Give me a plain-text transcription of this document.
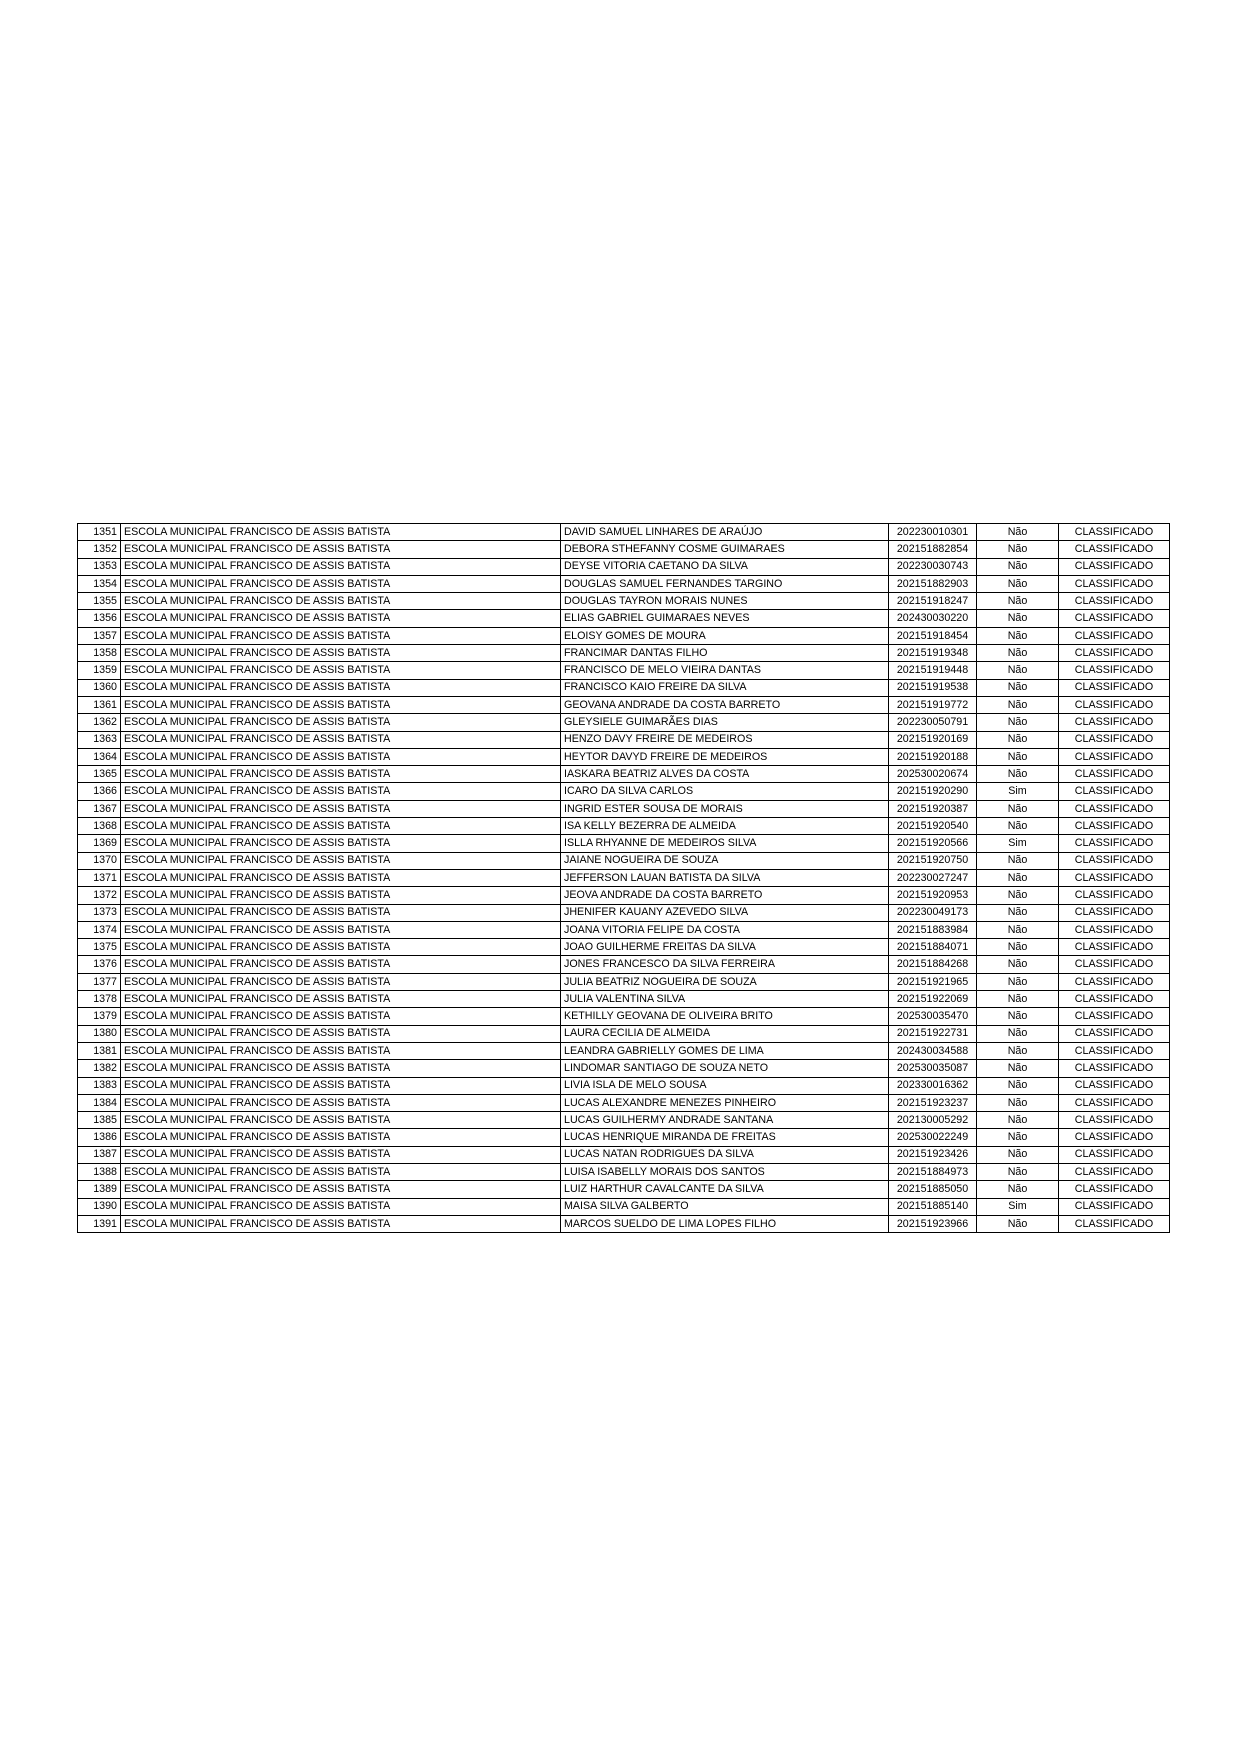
1351	ESCOLA MUNICIPAL FRANCISCO DE ASSIS BATISTA	DAVID SAMUEL LINHARES DE ARAÚJO	202230010301	Não	CLASSIFICADO
1352	ESCOLA MUNICIPAL FRANCISCO DE ASSIS BATISTA	DEBORA STHEFANNY COSME GUIMARAES	202151882854	Não	CLASSIFICADO
1353	ESCOLA MUNICIPAL FRANCISCO DE ASSIS BATISTA	DEYSE VITORIA CAETANO DA SILVA	202230030743	Não	CLASSIFICADO
1354	ESCOLA MUNICIPAL FRANCISCO DE ASSIS BATISTA	DOUGLAS SAMUEL FERNANDES TARGINO	202151882903	Não	CLASSIFICADO
1355	ESCOLA MUNICIPAL FRANCISCO DE ASSIS BATISTA	DOUGLAS TAYRON MORAIS NUNES	202151918247	Não	CLASSIFICADO
1356	ESCOLA MUNICIPAL FRANCISCO DE ASSIS BATISTA	ELIAS GABRIEL GUIMARAES NEVES	202430030220	Não	CLASSIFICADO
1357	ESCOLA MUNICIPAL FRANCISCO DE ASSIS BATISTA	ELOISY GOMES DE MOURA	202151918454	Não	CLASSIFICADO
1358	ESCOLA MUNICIPAL FRANCISCO DE ASSIS BATISTA	FRANCIMAR DANTAS FILHO	202151919348	Não	CLASSIFICADO
1359	ESCOLA MUNICIPAL FRANCISCO DE ASSIS BATISTA	FRANCISCO DE MELO VIEIRA DANTAS	202151919448	Não	CLASSIFICADO
1360	ESCOLA MUNICIPAL FRANCISCO DE ASSIS BATISTA	FRANCISCO KAIO FREIRE DA SILVA	202151919538	Não	CLASSIFICADO
1361	ESCOLA MUNICIPAL FRANCISCO DE ASSIS BATISTA	GEOVANA ANDRADE DA COSTA BARRETO	202151919772	Não	CLASSIFICADO
1362	ESCOLA MUNICIPAL FRANCISCO DE ASSIS BATISTA	GLEYSIELE GUIMARÃES DIAS	202230050791	Não	CLASSIFICADO
1363	ESCOLA MUNICIPAL FRANCISCO DE ASSIS BATISTA	HENZO DAVY FREIRE DE MEDEIROS	202151920169	Não	CLASSIFICADO
1364	ESCOLA MUNICIPAL FRANCISCO DE ASSIS BATISTA	HEYTOR DAVYD FREIRE DE MEDEIROS	202151920188	Não	CLASSIFICADO
1365	ESCOLA MUNICIPAL FRANCISCO DE ASSIS BATISTA	IASKARA BEATRIZ ALVES DA COSTA	202530020674	Não	CLASSIFICADO
1366	ESCOLA MUNICIPAL FRANCISCO DE ASSIS BATISTA	ICARO DA SILVA CARLOS	202151920290	Sim	CLASSIFICADO
1367	ESCOLA MUNICIPAL FRANCISCO DE ASSIS BATISTA	INGRID ESTER SOUSA DE MORAIS	202151920387	Não	CLASSIFICADO
1368	ESCOLA MUNICIPAL FRANCISCO DE ASSIS BATISTA	ISA KELLY BEZERRA DE ALMEIDA	202151920540	Não	CLASSIFICADO
1369	ESCOLA MUNICIPAL FRANCISCO DE ASSIS BATISTA	ISLLA RHYANNE DE MEDEIROS SILVA	202151920566	Sim	CLASSIFICADO
1370	ESCOLA MUNICIPAL FRANCISCO DE ASSIS BATISTA	JAIANE NOGUEIRA DE SOUZA	202151920750	Não	CLASSIFICADO
1371	ESCOLA MUNICIPAL FRANCISCO DE ASSIS BATISTA	JEFFERSON LAUAN BATISTA DA SILVA	202230027247	Não	CLASSIFICADO
1372	ESCOLA MUNICIPAL FRANCISCO DE ASSIS BATISTA	JEOVA ANDRADE DA COSTA BARRETO	202151920953	Não	CLASSIFICADO
1373	ESCOLA MUNICIPAL FRANCISCO DE ASSIS BATISTA	JHENIFER KAUANY AZEVEDO SILVA	202230049173	Não	CLASSIFICADO
1374	ESCOLA MUNICIPAL FRANCISCO DE ASSIS BATISTA	JOANA VITORIA FELIPE DA COSTA	202151883984	Não	CLASSIFICADO
1375	ESCOLA MUNICIPAL FRANCISCO DE ASSIS BATISTA	JOAO GUILHERME FREITAS DA SILVA	202151884071	Não	CLASSIFICADO
1376	ESCOLA MUNICIPAL FRANCISCO DE ASSIS BATISTA	JONES FRANCESCO DA SILVA FERREIRA	202151884268	Não	CLASSIFICADO
1377	ESCOLA MUNICIPAL FRANCISCO DE ASSIS BATISTA	JULIA BEATRIZ NOGUEIRA DE SOUZA	202151921965	Não	CLASSIFICADO
1378	ESCOLA MUNICIPAL FRANCISCO DE ASSIS BATISTA	JULIA VALENTINA SILVA	202151922069	Não	CLASSIFICADO
1379	ESCOLA MUNICIPAL FRANCISCO DE ASSIS BATISTA	KETHILLY GEOVANA DE OLIVEIRA BRITO	202530035470	Não	CLASSIFICADO
1380	ESCOLA MUNICIPAL FRANCISCO DE ASSIS BATISTA	LAURA CECILIA DE ALMEIDA	202151922731	Não	CLASSIFICADO
1381	ESCOLA MUNICIPAL FRANCISCO DE ASSIS BATISTA	LEANDRA GABRIELLY GOMES DE LIMA	202430034588	Não	CLASSIFICADO
1382	ESCOLA MUNICIPAL FRANCISCO DE ASSIS BATISTA	LINDOMAR SANTIAGO DE SOUZA NETO	202530035087	Não	CLASSIFICADO
1383	ESCOLA MUNICIPAL FRANCISCO DE ASSIS BATISTA	LIVIA ISLA DE MELO SOUSA	202330016362	Não	CLASSIFICADO
1384	ESCOLA MUNICIPAL FRANCISCO DE ASSIS BATISTA	LUCAS ALEXANDRE MENEZES PINHEIRO	202151923237	Não	CLASSIFICADO
1385	ESCOLA MUNICIPAL FRANCISCO DE ASSIS BATISTA	LUCAS GUILHERMY ANDRADE SANTANA	202130005292	Não	CLASSIFICADO
1386	ESCOLA MUNICIPAL FRANCISCO DE ASSIS BATISTA	LUCAS HENRIQUE MIRANDA DE FREITAS	202530022249	Não	CLASSIFICADO
1387	ESCOLA MUNICIPAL FRANCISCO DE ASSIS BATISTA	LUCAS NATAN RODRIGUES DA SILVA	202151923426	Não	CLASSIFICADO
1388	ESCOLA MUNICIPAL FRANCISCO DE ASSIS BATISTA	LUISA ISABELLY MORAIS DOS SANTOS	202151884973	Não	CLASSIFICADO
1389	ESCOLA MUNICIPAL FRANCISCO DE ASSIS BATISTA	LUIZ HARTHUR CAVALCANTE DA SILVA	202151885050	Não	CLASSIFICADO
1390	ESCOLA MUNICIPAL FRANCISCO DE ASSIS BATISTA	MAISA SILVA GALBERTO	202151885140	Sim	CLASSIFICADO
1391	ESCOLA MUNICIPAL FRANCISCO DE ASSIS BATISTA	MARCOS SUELDO DE LIMA LOPES FILHO	202151923966	Não	CLASSIFICADO
